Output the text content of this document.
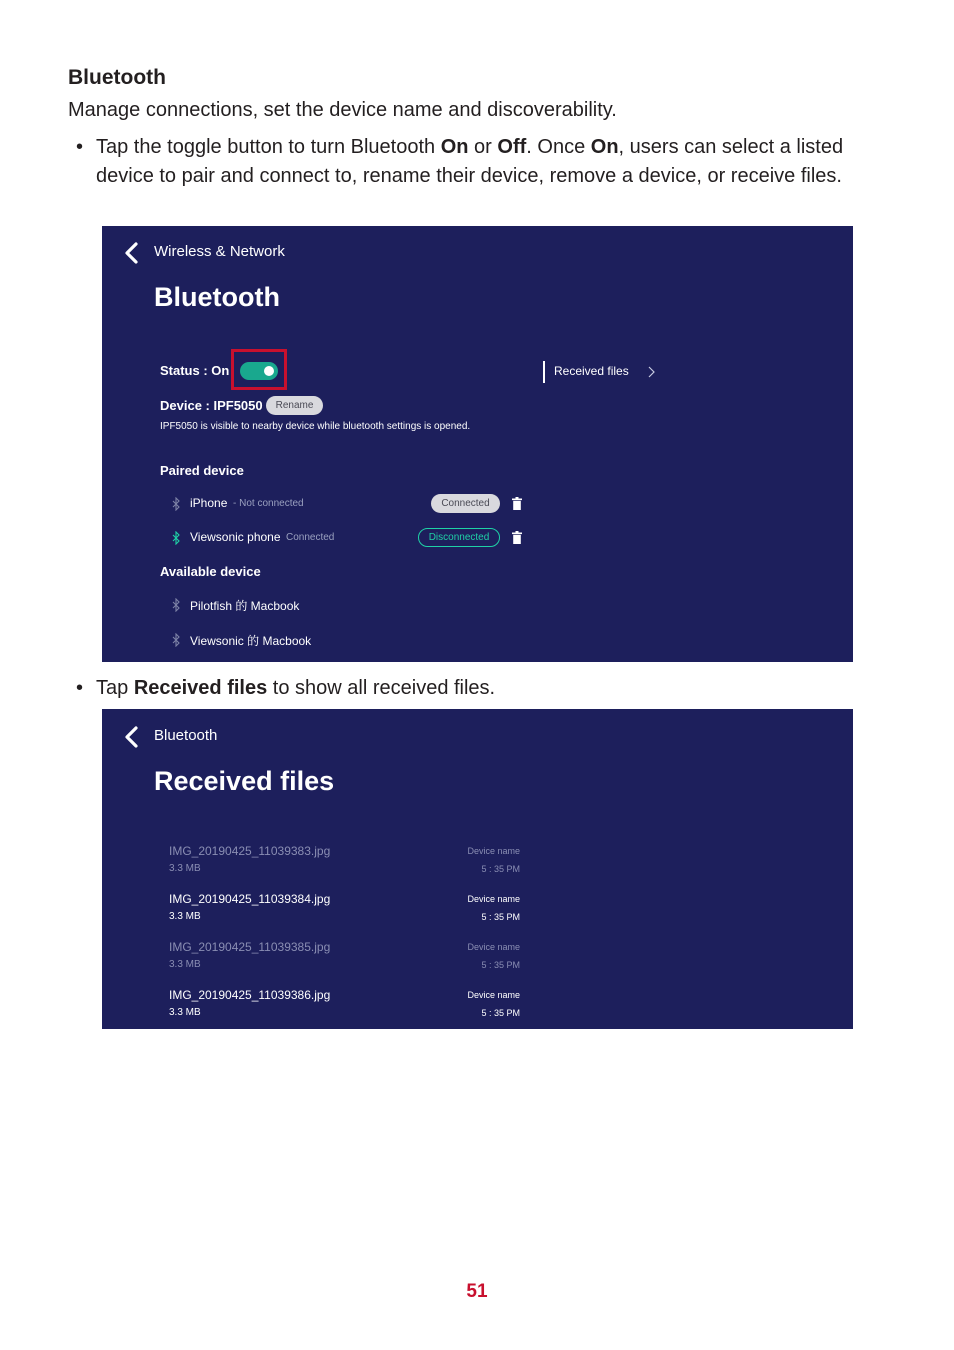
Bluetooth
Manage connections, set the device name and discoverability.
• Tap the toggle button to turn Bluetooth On or Off. Once On, users can select a listed device to pair and connect to, rename their device, remove a device, or receive files.
Wireless & Network
Bluetooth
Status : On	Received files
Device : IPF5050	Rename
IPF5050 is visible to nearby device while bluetooth settings is opened.
Paired device
iPhone - Not connected	Connected
Viewsonic phone Connected	Disconnected
Available device
Pilotfish 的 Macbook
Viewsonic 的 Macbook
• Tap Received files to show all received files.
Bluetooth
Received files
IMG_20190425_11039383.jpg
3.3 MB
Device name
5 : 35 PM
IMG_20190425_11039384.jpg
3.3 MB
Device name
5 : 35 PM
IMG_20190425_11039385.jpg
3.3 MB
Device name
5 : 35 PM
IMG_20190425_11039386.jpg
3.3 MB
Device name
5 : 35 PM
51
